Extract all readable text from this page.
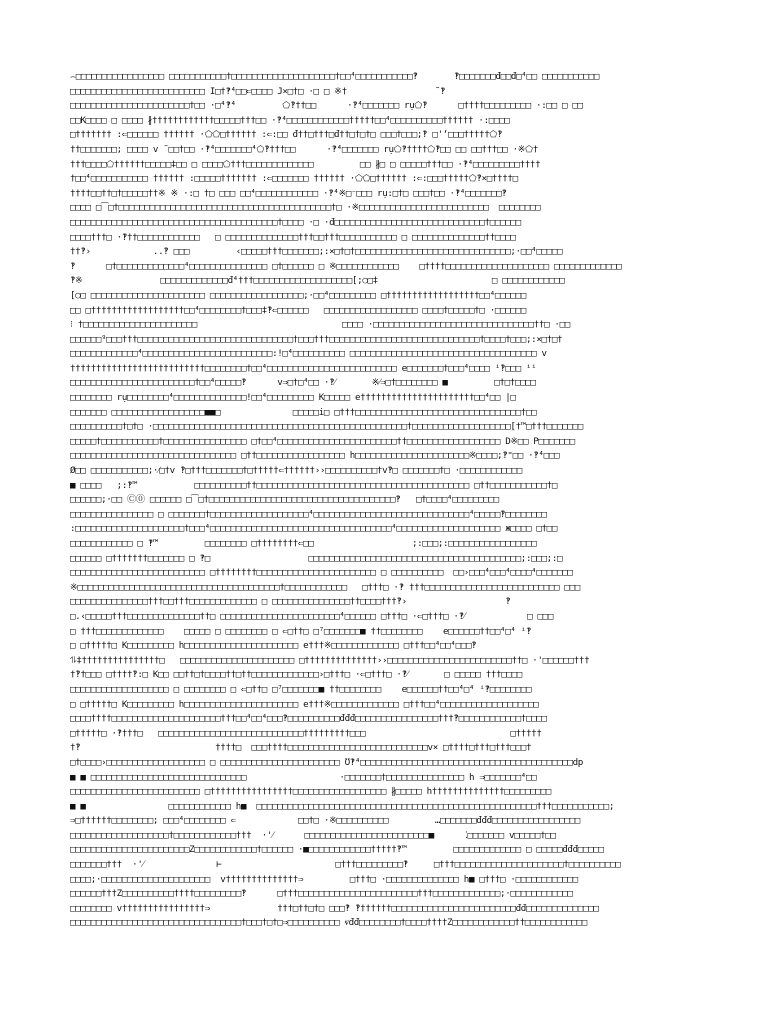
⌢□□□□□□□□□□□□□□□□□ □□□□□□□□□□□†□□□□□□□□□□□□□□□□□□□□†□□⁴□□□□□□□□□□□‽       ‽□□□□□□□đ□□đ□⁴□□ □□□□□□□□□□□
□□□□□□□□□□□□□□□□□□□□□□□□□□ I□†‽⁴□□⇐□□□□ J×□†□ ·□ □ ※†                 ˜‽
□□□□□□□□□□□□□□□□□□□□□□□†□□ ·□⁴‽⁴         ⬠‽††□□      ·‽⁴□□□□□□□ rụ⬠‽      □††††□□□□□□□□□ ·:□□ □ □□
□□K□□□□ □ □□□□ ∦††††††††††††□□□□□†††□□ ·‽⁴□□□□□□□□□□□□†††††□□⁴□□□□□□□□□□†††††† ·:□□□□
□††††††† :⇐□□□□□□ †††††† ·⬠⬠□†††††† :⇐:□□ đ††□†††□đ††□†□†□ □□□†□□□;‽ □'‘□□□†††††⬠‽
††□□□□□□□; □□□□ v ˜□□†□□ ·‽⁴□□□□□□□⁴⬠‽†††□□      ·‽⁴□□□□□□□ rụ⬠‽††††⬠‽□□ □□ □□†††□□ ·※⬠†
†††□□□□⬠††††††□□□□□‡□□ □ □□□□⬠†††□□□□□□□□□□□□□         □□ ∦□ □ □□□□□†††□□ ·‽⁴□□□□□□□□□††††
†□□⁴□□□□□□□□□□□ †††††† :□□□□□††††††† :⇐□□□□□□□ †††††† ·⬠⬠□†††††† :⇐:□□□†††††⬠‽×□††††□
††††□□††□†□□□□□††※ ※ ·:□ †□ □□□ □□⁴□□□□□□□□□□□□ ·‽⁴※□⁻□□□ rụ:□†□ □□□†□□ ·‽⁴□□□□□□□‽
□□□□ □⁀□†□□□□□□□□□□□□□□□□□□□□□□□□□□□□□□□□□□□□□□□□□†□ ·※□□□□□□□□□□□□□□□□□□□□□□□□□  □□□□□□□□
□□□□□□□□□□□□□□□□□□□□□□□□□□□□□□□□□□□□□□□□†□□□□ ·□ ·đ□□□□□□□□□□□□□□□□□□□□□□□□□□□□□†□□□□□□
□□□□†††□ ·‽††□□□□□□□□□□□□   □ □□□□□□□□□□□□□□†††□□†††□□□□□□□□□□□ □ □□□□□□□□□□□□□□††□□□□
††‽›            ..‽ □□□         ‹□□□□□†††□□□□□□□;:×□†□†□□□□□□□□□□□□□□□□□□□□□□□□□□□□□□;·□□⁴□□□□□
‽      □†□□□□□□□□□□□□□⁴□□□□□□□□□□□□□□□ □†□□□□□□ □ ※□□□□□□□□□□□□    □††††□□□□□□□□□□□□□□□□□□□□ □□□□□□□□□□□□□
‽※               □□□□□□□□□□□□□đ⁴†††□□□□□□□□□□□□□□□□□□□[;○□‡                      □ □□□□□□□□□□□□
[○□ □□□□□□□□□□□□□□□□□□□□□□ □□□□□□□□□□□□□□□□□□;·□□⁴□□□□□□□□□ □††††††††††††††††††□□⁴□□□□□□
□□ □††††††††††††††††††□□⁴□□□□□□□□†□□□‡‽⇐□□□□□□   □□□□□□□□□□□□□□□□□□ □□□□†□□□□□†□ ·□□□□□□
⁝ †□□□□□□□□□□□□□□□□□□□□□□                            □□□□ ·□□□□□□□□□□□□□□□□□□□□□□□□□□□□□□□††□ ·□□
□□□□□□⁹□□□†††□□□□□□□□□□□□□□□□□□□□□□□□□□□□□□†□□□†††□□□□□□□□□□□□□□□□□□□□□□□□□□□□□†□□□□†□□□;:×□†□†
□□□□□□□□□□□□□⁴□□□□□□□□□□□□□□□□□□□□□□□□□:!□⁴□□□□□□□□□□ □□□□□□□□□□□□□□□□□□□□□□□□□□□□□□□□□□□□ v
††††††††††††††††††††††††††□□□□□□□□†□□⁴□□□□□□□□□□□□□□□□□□□□□□□□□ e□□□□□□□†□□□⁴□□□□ ⁱ‽□□□ ⁱⁱ
□□□□□□□□□□□□□□□□□□□□□□□□†□□⁴□□□□□‽      v⇒□†□⁴□□ ·‽⁄       ※⁄⇒□†□□□□□□□□ ■         □†□†□□□□
□□□□□□□□ rụ□□□□□□□□⁴□□□□□□□□□□□□□□!□□⁴□□□□□□□□□ K□□□□□ e††††††††††††††††††††††□□⁴□□ |□
□□□□□□□ □□□□□□□□□□□□□□□□□□■■□              □□□□□i□ □†††□□□□□□□□□□□□□□□□□□□□□□□□□□□□□□□□†□□
□□□□□□□□□□†□†□ ·□□□□□□□□□□□□□□□□□□□□□□□□□□□□□□□□□□□□□□□□□□□□□□□□□†□□□□□□□□□□□□□□□□□□□[†™□†††□□□□□□□
□□□□□†□□□□□□□□□□□†□□□□□□□□□□□□□□□□ □†□□⁴□□□□□□□□□□□□□□□□□□□□□□□††□□□□□□□□□□□□□□□□□□ D※□□ P□□□□□□□
□□□□□□□□□□□□□□□□□□□□□□□□□□□□□□□□ □††□□□□□□□□□□□□□□□□□ h□□□□□□□□□□□□□□□□□□□□□□※□□□□;‽⁼□□ ·‽⁴□□□
Ø□□ □□□□□□□□□□□;·⁄□†v ‽□†††□□□□□□□†□†††††⇐††††††››□□□□□□□□□□†v‽□ □□□□□□□†□ ·□□□□□□□□□□□□
■ □□□□   ;:‽™           □□□□□□□□□□††□□□□□□□□□□□□□□□□□□□□□□□□□□□□□□□□□□□□□□□□□ □††□□□□□□□□□□□†□
□□□□□□;·□□ Ⓒ⓪ □□□□□□ □⁀□†□□□□□□□□□□□□□□□□□□□□□□□□□□□□□□□□□□□□‽   □†□□□□⁴□□□□□□□□□
□□□□□□□□□□□□□□□□ □ □□□□□□□†□□□□□□□□□□□□□□□□□□□⁴□□□□□□□□□□□□□□□□□□□□□□□□□□□□□□⁴□□□□□‽□□□□□□□□
:□□□□□□□□□□□□□□□□□□□□□†□□□⁴□□□□□□□□□□□□□□□□□□□□□□□□□□□□□□□□□□□⁴□□□□□□□□□□□□□□□□□□□□ ж□□□□ □†□□
□□□□□□□□□□□□ □ ‽™         □□□□□□□□ □††††††††⇐□□                   ;:□□□;:□□□□□□□□□□□□□□□□□
□□□□□□ □†††††††□□□□□□□ □ ‽□                   □□□□□□□□□□□□□□□□□□□□□□□□□□□□□□□□□□□□□□□□□;:□□□;:□
□□□□□□□□□□□□□□□□□□□□□□□□□□ □††††††††□□□□□□□□□□□□□□□□□□□□□□□ □ □□□□□□□□□□  □□›□□□⁴□□□⁴□□□□⁴□□□□□□□
※□□□□□□□□□□□□□□□□□□□□□□□□□□□□□□□□□□□□□□□†□□□□□□□□□□□□   □†††□ ·‽ †††□□□□□□□□□□□□□□□□□□□□□□□□□□ □□□
□□□□□□□□□□□□□□□†††□□†††□□□□□□□□□□□□□ □ □□□□□□□□□□□□□□□††□□□□†††‽›                   ‽
□.‹□□□□□†††□□□□□□□□□□□□□□††□ □□□□□□□□□□□□□□□□□□□□□□□⁴□□□□□□ □†††□ ·⇐□†††□ ·‽⁄            □ □□□
□ †††□□□□□□□□□□□□□    □□□□□ □ □□□□□□□□ □ ⇐□††□ □⁷□□□□□□□■ ††□□□□□□□□    e□□□□□□††□□⁴□⁴ ⁱ‽
□ □†††††□ K□□□□□□□□□ h□□□□□□□□□□□□□□□□□□□□□□ e†††※□□□□□□□□□□□□□ □†††□□⁴□□⁴□□□‽
⥮‡†††††††††††††††□   □□□□□□□□□□□□□□□□□□□□□□ □††††††††††††††››□□□□□□□□□□□□□□□□□□□□□□□□††□ ·'□□□□□□†††
†‽†□□□ □††††‽:□ K□□ □□††□†□□□□††□††□□□□□□□□□□□□□›□†††□ ·⇐□†††□ ·‽⁄       □ □□□□□ †††□□□□
□□□□□□□□□□□□□□□□□□□ □ □□□□□□□□ □ ⇐□††□ □⁷□□□□□□□■ ††□□□□□□□□    e□□□□□□††□□⁴□⁴ ⁱ‽□□□□□□□□
□ □†††††□ K□□□□□□□□□ h□□□□□□□□□□□□□□□□□□□□□□ e†††※□□□□□□□□□□□□□ □†††□□⁴□□□□□□□□□□□□□□□□□□□
□□□□††††□□□□□□□□□□□□□□□□□□□□□†††□□⁴□□⁴□□□‽□□□□□□□□□□đđđ□□□□□□□□□□□□□□□□†††‽□□□□□□□□□□□□†□□□□
□†††††□ ·‽†††□   □□□□□□□□□□□□□□□□□□□□□□□□□□□□†††††††††□□□                            □†††††
†‽                          ††††□  □□□††††□□□□□□□□□□□□□□□□□□□□□□□□□□□v× □††††□†††□†††□□□†
□†□□□□›□□□□□□□□□□□□□□□□□□□ □ □□□□□□□□□□□□□□□□□□□□□□□ Ʊ‽⁴□□□□□□□□□□□□□□□□□□□□□□□□□□□□□□□□□□□□□□□□□dp
■ ■ □□□□□□□□□□□□□□□□□□□□□□□□□□□□□□                  ·□□□□□□□†□□□□□□□□□□□□□□□ h ⇒□□□□□□□⁴□□
□□□□□□□□□□□□□□□□□□□□□□□□□ □††††††††††††††††□□□□□□□□□□□□□□□□□□ ∦□□□□□ h††††††††††††††□□□□□□□□□
■ ■                □□□□□□□□□□□□ h■  □□□□□□□□□□□□□□□□□□□□□□□□□□□□□□□□□□□□□□□□□□□□□□□□□□□□□□†††□□□□□□□□□□□;
⇒□††††††□□□□□□□□; □□□⁴□□□□□□□□ ⇐            □□†□ ·※□□□□□□□□□□         …□□□□□□□đđđ□□□□□□□□□□□□□□□□□
□□□□□□□□□□□□□□□□□□□†□□□□□□□□□□□□†††  ·'⁄      □□□□□□□□□□□□□□□□□□□□□□□□■      ⁚□□□□□□□ v□□□□□†□□
□□□□□□□□□□□□□□□□□□□□□□□Z□□□□□□□□□□□□†□□□□□□ ·■□□□□□□□□□□□□†††††‽™         □□□□□□□□□□□□□ □ □□□□□đđđ□□□□□
□□□□□□□†††  ·'⁄              ⊢                      □†††□□□□□□□□□‽     □†††□□□□□□□□□□□□□□□□□□□□□†□□□□□□□□□□
□□□□;·□□□□□□□□□□□□□□□□□□□□□  v††††††††††††††⇒         □†††□ ·□□□□□□□□□□□□□□ h■ □†††□ ·□□□□□□□□□□□□
□□□□□□†††Z□□□□□□□□□□††††□□□□□□□□□‽      □†††□□□□□□□□□□□□□□□□□□□□□□□†††□□□□□□□□□□□□□;·□□□□□□□□□□□□
□□□□□□□□ v††††††††††††††††⇒             †††□††□†□ □□□‽ ‽††††††□□□□□□□□□□□□□□□□□□□□□□□□đđ□□□□□□□□□□□□□□
□□□□□□□□□□□□□□□□□□□□□□□□□□□□□□□□□†□□□†□†□⇒□□□□□□□□□□ ⱴđđ□□□□□□□□†□□□□††††Z□□□□□□□□□□□□††□□□□□□□□□□□□
